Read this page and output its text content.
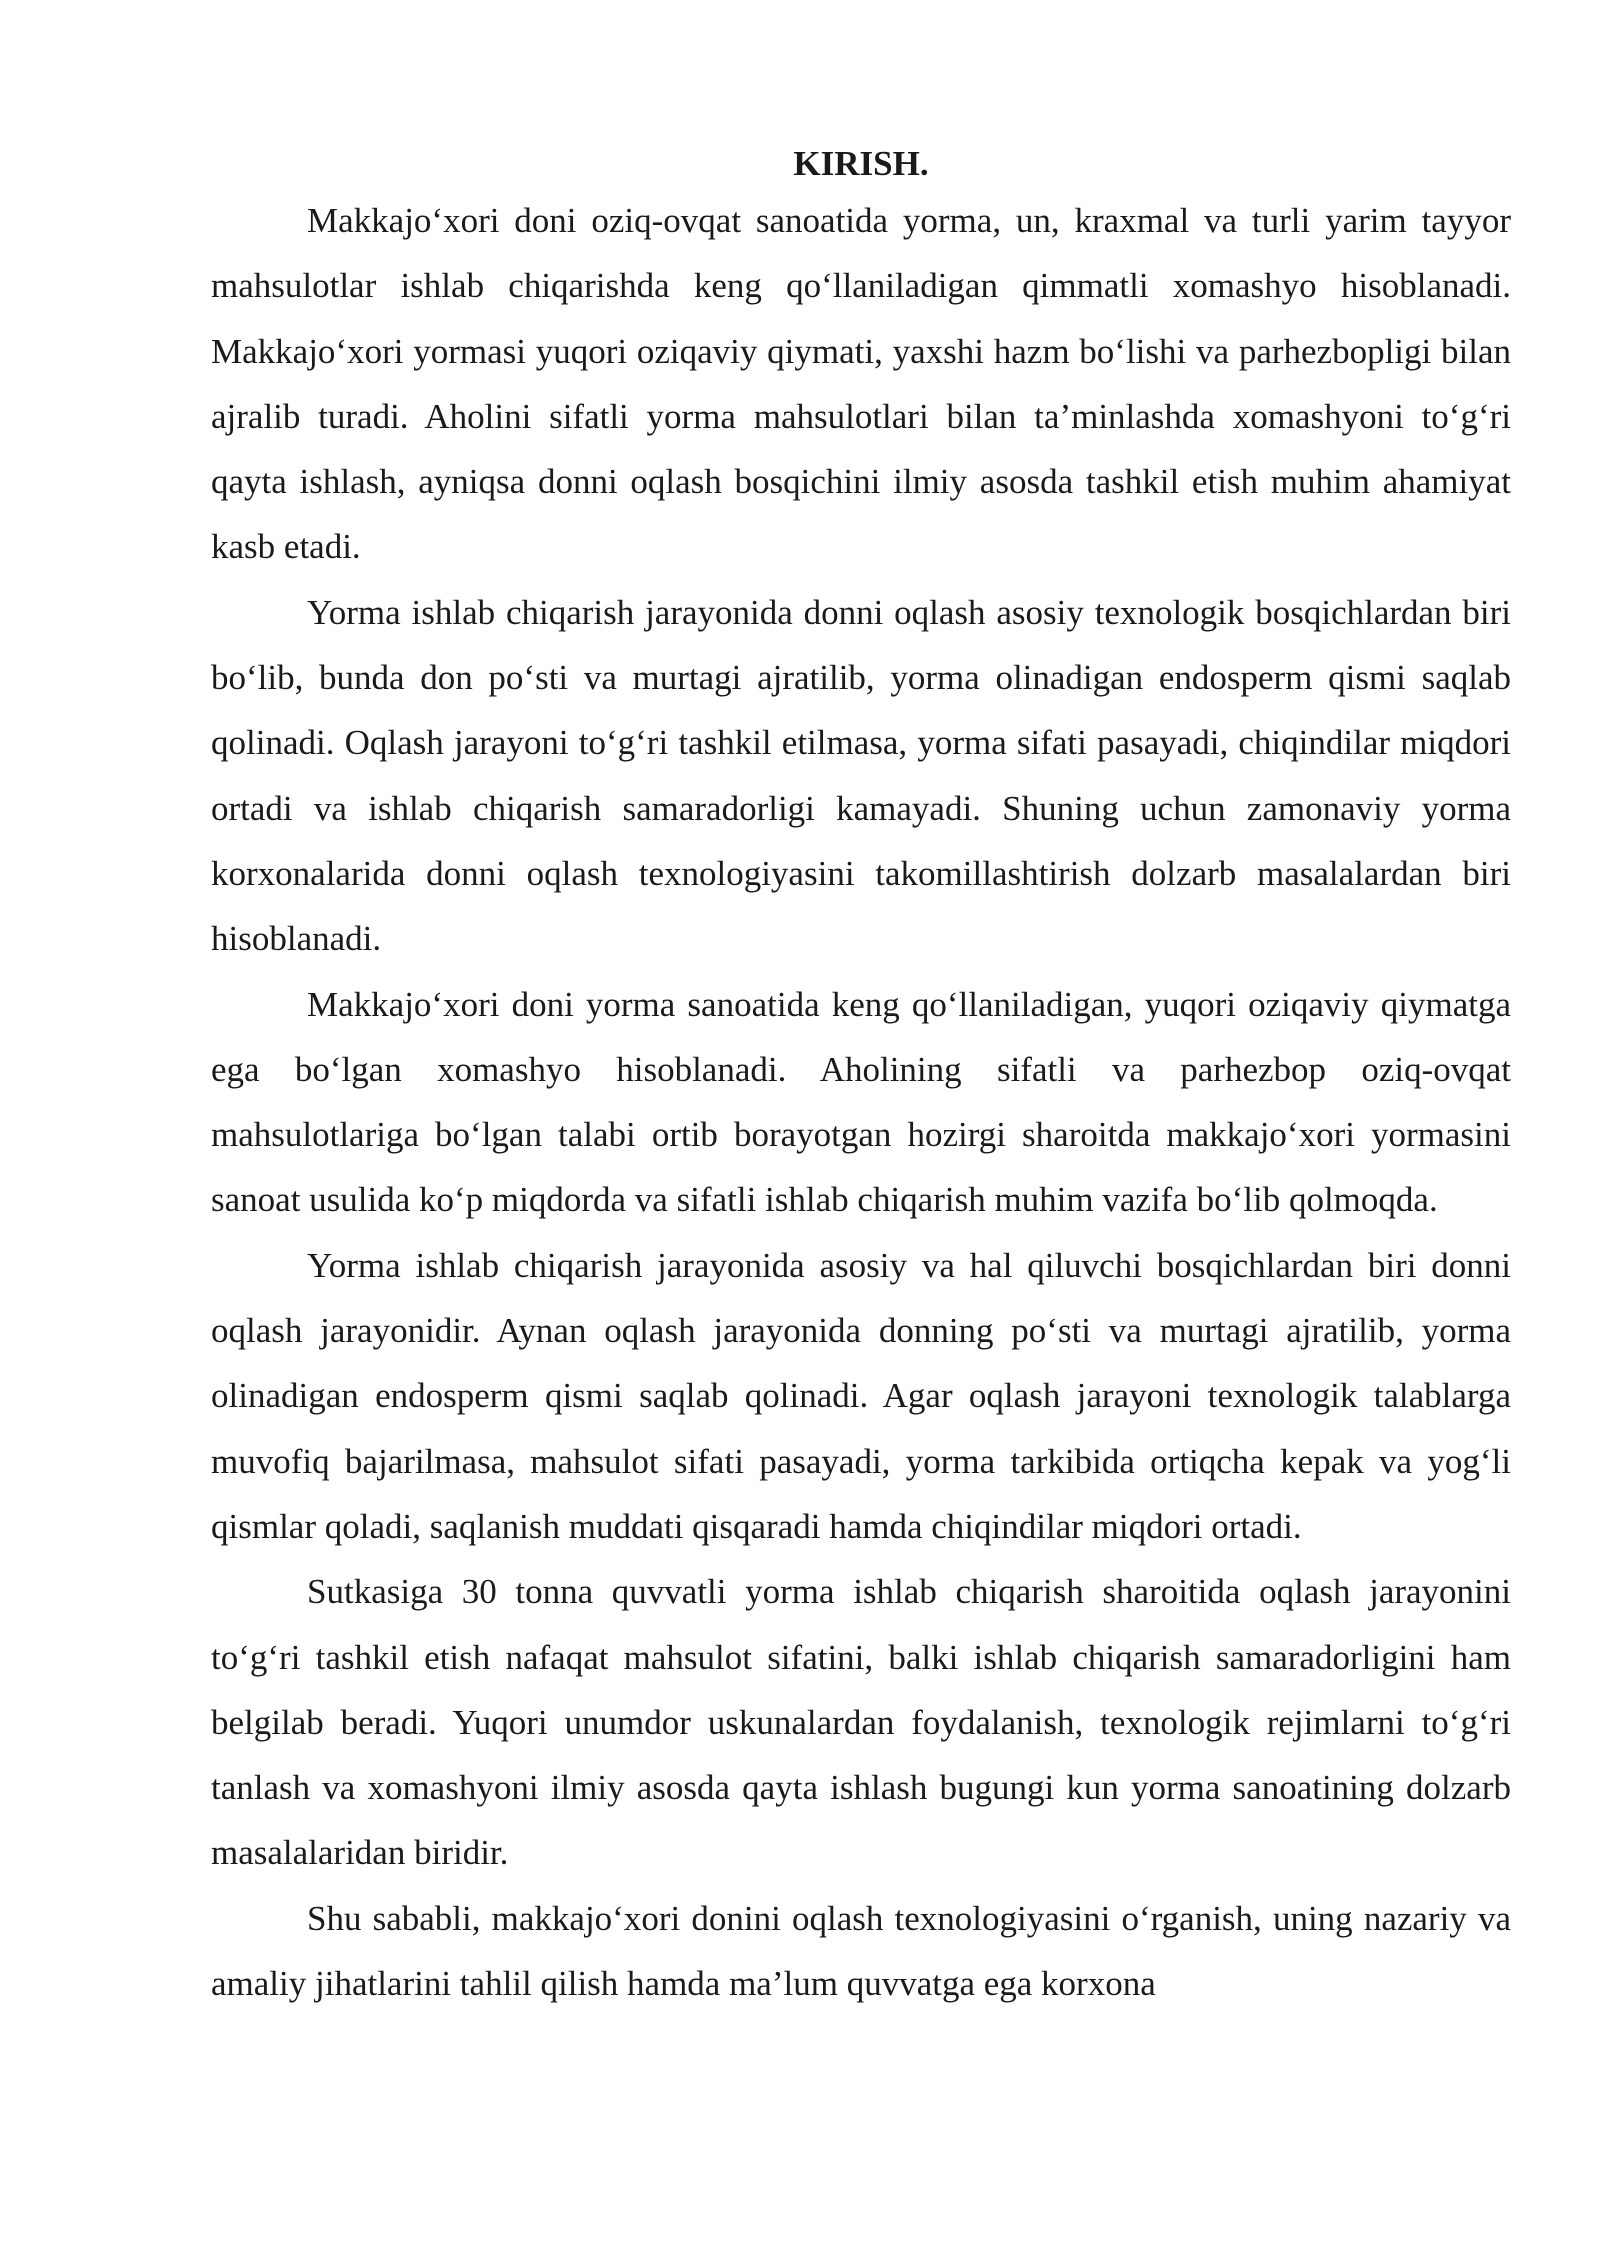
KIRISH.

Makkajo‘xori doni oziq-ovqat sanoatida yorma, un, kraxmal va turli yarim tayyor mahsulotlar ishlab chiqarishda keng qo‘llaniladigan qimmatli xomashyo hisoblanadi. Makkajo‘xori yormasi yuqori oziqaviy qiymati, yaxshi hazm bo‘lishi va parhezbopligi bilan ajralib turadi. Aholini sifatli yorma mahsulotlari bilan ta’minlashda xomashyoni to‘g‘ri qayta ishlash, ayniqsa donni oqlash bosqichini ilmiy asosda tashkil etish muhim ahamiyat kasb etadi.

Yorma ishlab chiqarish jarayonida donni oqlash asosiy texnologik bosqichlardan biri bo‘lib, bunda don po‘sti va murtagi ajratilib, yorma olinadigan endosperm qismi saqlab qolinadi. Oqlash jarayoni to‘g‘ri tashkil etilmasa, yorma sifati pasayadi, chiqindilar miqdori ortadi va ishlab chiqarish samaradorligi kamayadi. Shuning uchun zamonaviy yorma korxonalarida donni oqlash texnologiyasini takomillashtirish dolzarb masalalardan biri hisoblanadi.

Makkajo‘xori doni yorma sanoatida keng qo‘llaniladigan, yuqori oziqaviy qiymatga ega bo‘lgan xomashyo hisoblanadi. Aholining sifatli va parhezbop oziq-ovqat mahsulotlariga bo‘lgan talabi ortib borayotgan hozirgi sharoitda makkajo‘xori yormasini sanoat usulida ko‘p miqdorda va sifatli ishlab chiqarish muhim vazifa bo‘lib qolmoqda.

Yorma ishlab chiqarish jarayonida asosiy va hal qiluvchi bosqichlardan biri donni oqlash jarayonidir. Aynan oqlash jarayonida donning po‘sti va murtagi ajratilib, yorma olinadigan endosperm qismi saqlab qolinadi. Agar oqlash jarayoni texnologik talablarga muvofiq bajarilmasa, mahsulot sifati pasayadi, yorma tarkibida ortiqcha kepak va yog‘li qismlar qoladi, saqlanish muddati qisqaradi hamda chiqindilar miqdori ortadi.

Sutkasiga 30 tonna quvvatli yorma ishlab chiqarish sharoitida oqlash jarayonini to‘g‘ri tashkil etish nafaqat mahsulot sifatini, balki ishlab chiqarish samaradorligini ham belgilab beradi. Yuqori unumdor uskunalardan foydalanish, texnologik rejimlarni to‘g‘ri tanlash va xomashyoni ilmiy asosda qayta ishlash bugungi kun yorma sanoatining dolzarb masalalaridan biridir.

Shu sababli, makkajo‘xori donini oqlash texnologiyasini o‘rganish, uning nazariy va amaliy jihatlarini tahlil qilish hamda ma’lum quvvatga ega korxona
